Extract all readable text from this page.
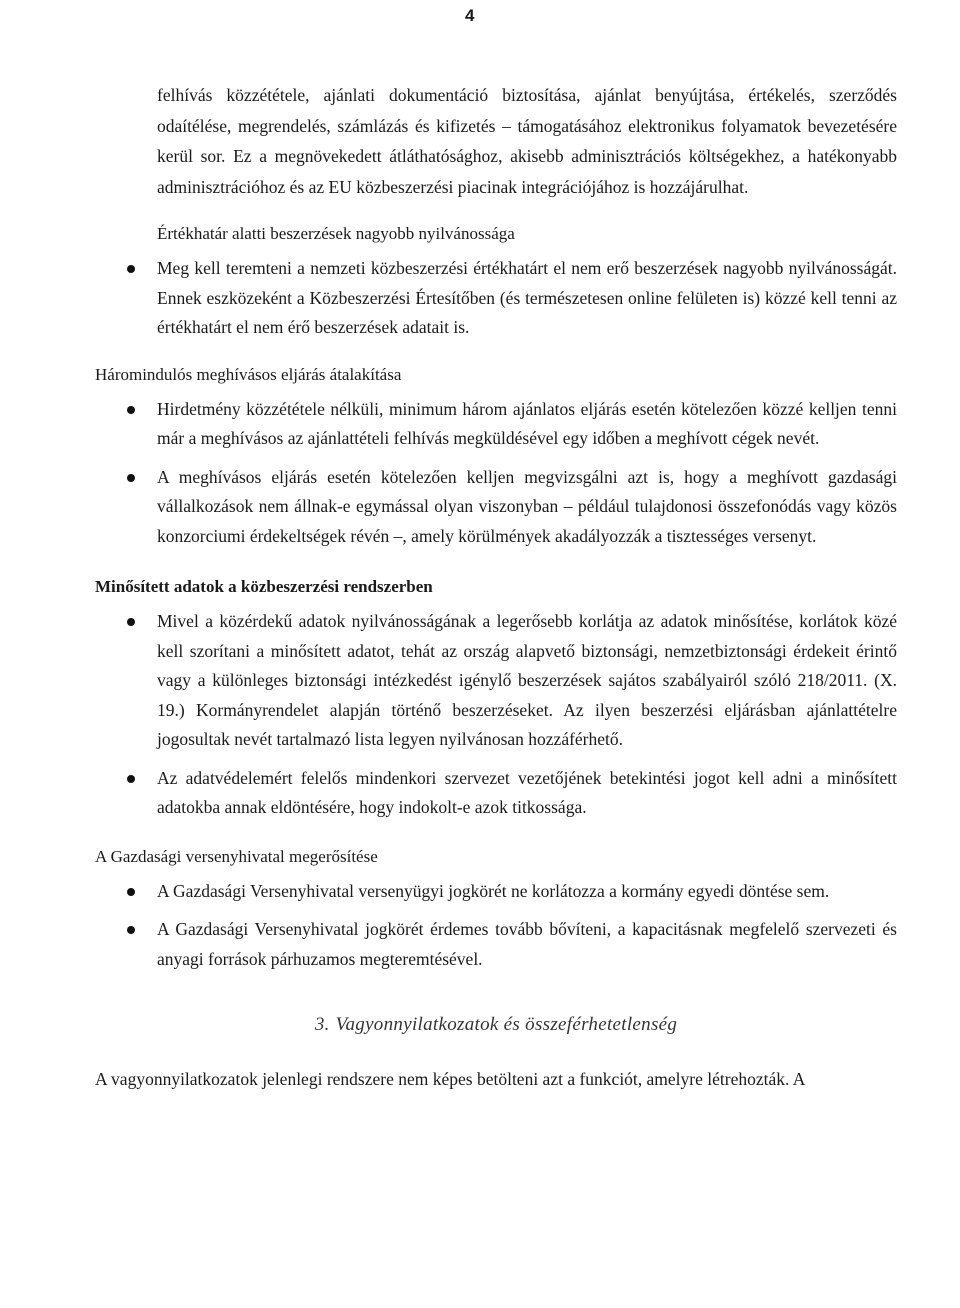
4

felhívás közzététele, ajánlati dokumentáció biztosítása, ajánlat benyújtása, értékelés, szerződés odaítélése, megrendelés, számlázás és kifizetés – támogatásához elektronikus folyamatok bevezetésére kerül sor. Ez a megnövekedett átláthatósághoz, akisebb adminisztrációs költségekhez, a hatékonyabb adminisztrációhoz és az EU közbeszerzési piacinak integrációjához is hozzájárulhat.

Értékhatár alatti beszerzések nagyobb nyilvánossága
Meg kell teremteni a nemzeti közbeszerzési értékhatárt el nem erő beszerzések nagyobb nyilvánosságát. Ennek eszközeként a Közbeszerzési Értesítőben (és természetesen online felületen is) közzé kell tenni az értékhatárt el nem érő beszerzések adatait is.
Háromindulós meghívásos eljárás átalakítása
Hirdetmény közzététele nélküli, minimum három ajánlatos eljárás esetén kötelezően közzé kelljen tenni már a meghívásos az ajánlattételi felhívás megküldésével egy időben a meghívott cégek nevét.
A meghívásos eljárás esetén kötelezően kelljen megvizsgálni azt is, hogy a meghívott gazdasági vállalkozások nem állnak-e egymással olyan viszonyban – például tulajdonosi összefonódás vagy közös konzorciumi érdekeltségek révén –, amely körülmények akadályozzák a tisztességes versenyt.
Minősített adatok a közbeszerzési rendszerben
Mivel a közérdekű adatok nyilvánosságának a legerősebb korlátja az adatok minősítése, korlátok közé kell szorítani a minősített adatot, tehát az ország alapvető biztonsági, nemzetbiztonsági érdekeit érintő vagy a különleges biztonsági intézkedést igénylő beszerzések sajátos szabályairól szóló 218/2011. (X. 19.) Kormányrendelet alapján történő beszerzéseket. Az ilyen beszerzési eljárásban ajánlattételre jogosultak nevét tartalmazó lista legyen nyilvánosan hozzáférhető.
Az adatvédelemért felelős mindenkori szervezet vezetőjének betekintési jogot kell adni a minősített adatokba annak eldöntésére, hogy indokolt-e azok titkossága.
A Gazdasági versenyhivatal megerősítése
A Gazdasági Versenyhivatal versenyügyi jogkörét ne korlátozza a kormány egyedi döntése sem.
A Gazdasági Versenyhivatal jogkörét érdemes tovább bővíteni, a kapacitásnak megfelelő szervezeti és anyagi források párhuzamos megteremtésével.
3. Vagyonnyilatkozatok és összeférhetetlenség

A vagyonnyilatkozatok jelenlegi rendszere nem képes betölteni azt a funkciót, amelyre létrehozták. A
